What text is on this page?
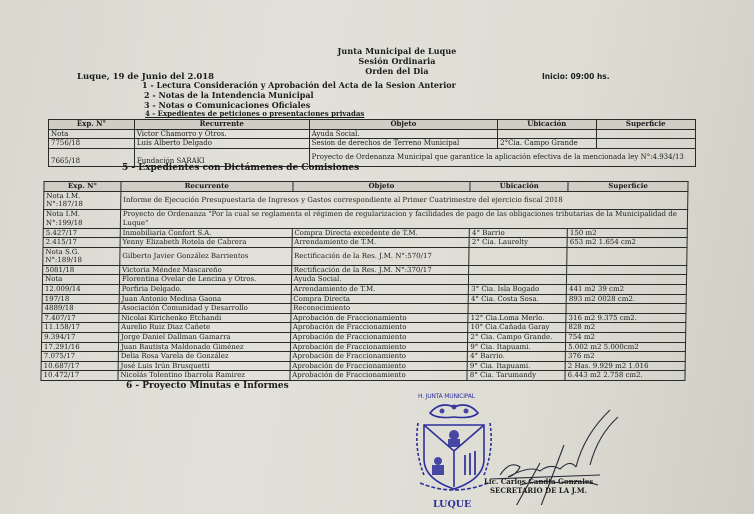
Junta Municipal de Luque
Sesión Ordinaria
Orden del Dia
Luque, 19 de Junio del 2.018	Inicio: 09:00 hs.
1 - Lectura Consideración y Aprobación del Acta de la Sesion Anterior
2 - Notas de la Intendencia Municipal
3 - Notas o Comunicaciones Oficiales
4 - Expedientes de peticiones o presentaciones privadas
Exp. N°	Recurrente	Objeto	Ubicación	Superficie
Nota	Victor Chamorro y Otros.	Ayuda Social.		
7756/18	Luis Alberto Delgado	Sesion de derechos de Terreno Municipal	2°Cia. Campo Grande	
7665/18	Fundación SARAKI	Proyecto de Ordenanza Municipal que garantice la aplicación efectiva de la mencionada ley N°:4.934/13		
5 - Expedientes con Dictámenes de Comisiones
Exp. N°	Recurrente	Objeto	Ubicación	Superficie
Nota I.M. N°:187/18	Informe de Ejecución Presupuestaria de Ingresos y Gastos correspondiente al Primer Cuatrimestre del ejercicio fiscal 2018			
Nota I.M. N°:199/18	Proyecto de Ordenanza "Por la cual se reglamenta el régimen de regularizacion y facilidades de pago de las obligaciones tributarias de la Municipalidad de Luque"			
5.427/17	Inmobiliaria Confort S.A.	Compra Directa excedente de T.M.	4° Barrio	150 m2
2.415/17	Yenny Elizabeth Rotela de Cabrera	Arrendamiento de T.M.	2° Cia. Laurelty	653 m2 1.654 cm2
Nota S.G. N°:189/18	Gilberto Javier González Barrientos	Rectificación de la Res. J.M. N°:570/17		
5081/18	Victoria Méndez Mascareño	Rectificación de la Res. J.M. N°:370/17		
Nota	Florentina Ovelar de Lencina y Otros.	Ayuda Social.		
12.009/14	Porfiria Delgado.	Arrendamiento de T.M.	3° Cia. Isla Bogado	441 m2 39 cm2
197/18	Juan Antonio Medina Gaona	Compra Directa	4° Cia. Costa Sosa.	893 m2 0028 cm2.
4889/18	Asociación Comunidad y Desarrollo	Reconocimiento		
7.407/17	Nicolai Kirichenko Etchandi	Aprobación de Fraccionamiento	12° Cia.Loma Merlo.	316 m2 9.375 cm2.
11.158/17	Aurelio Ruiz Diaz Cañete	Aprobación de Fraccionamiento	10° Cia.Cañada Garay	828 m2
9.394/17	Jorge Daniel Dallman Gamarra	Aprobación de Fraccionamiento	2° Cia. Campo Grande.	754 m2
17.291/16	Juan Bautista Maldonado Giménez	Aprobación de Fraccionamiento	9° Cia. Itapuami.	5.002 m2 5.000cm2
7.075/17	Delia Rosa Varela de González	Aprobación de Fraccionamiento	4° Barrio.	376 m2
10.687/17	José Luis Irún Brusquetti	Aprobación de Fraccionamiento	9° Cia. Itapuami.	2 Has. 9.929 m2 1.016
10.472/17	Nicolás Tolentino Ibarrola Ramirez	Aprobación de Fraccionamiento	8° Cia. Tarumandy	6.443 m2 2.758 cm2.
6 - Proyecto Minutas e Informes
H. JUNTA MUNICIPAL
LUQUE
Lic. Carlos Candia Gonzales
SECRETARIO DE LA J.M.
